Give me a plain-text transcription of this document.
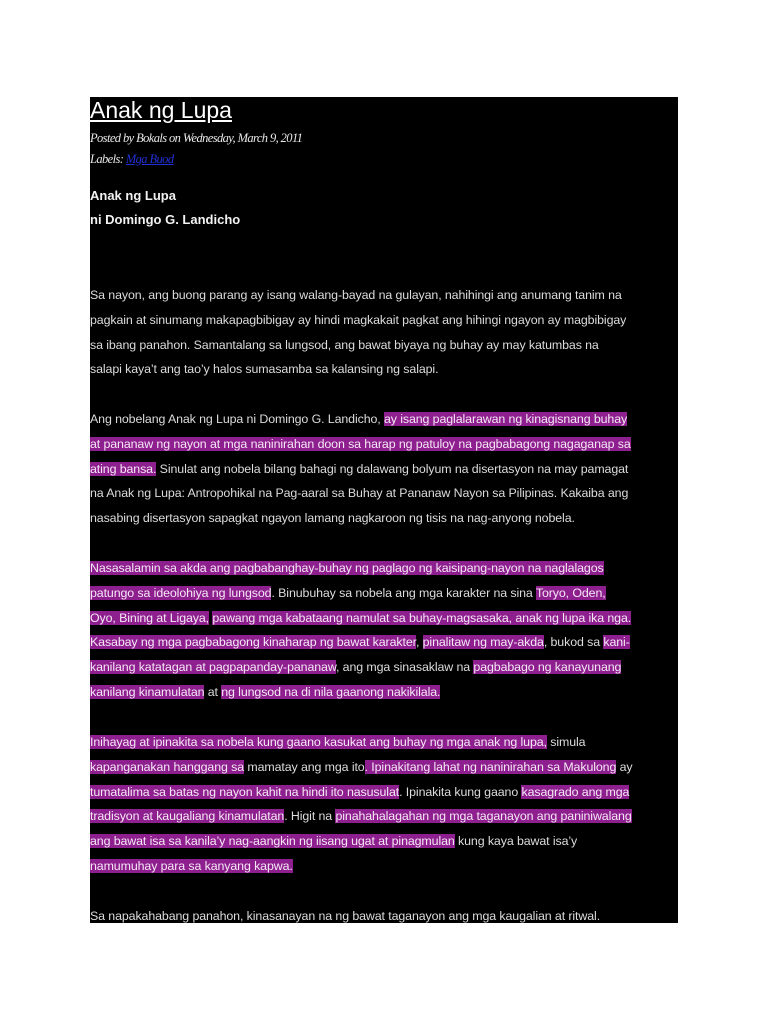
Anak ng Lupa
Posted by Bokals on Wednesday, March 9, 2011
Labels: Mga Buod
Anak ng Lupa
ni Domingo G. Landicho
Sa nayon, ang buong parang ay isang walang-bayad na gulayan, nahihingi ang anumang tanim na
pagkain at sinumang makapagbibigay ay hindi magkakait pagkat ang hihingi ngayon ay magbibigay
sa ibang panahon. Samantalang sa lungsod, ang bawat biyaya ng buhay ay may katumbas na
salapi kaya’t ang tao’y halos sumasamba sa kalansing ng salapi.
Ang nobelang Anak ng Lupa ni Domingo G. Landicho, ay isang paglalarawan ng kinagisnang buhay
at pananaw ng nayon at mga naninirahan doon sa harap ng patuloy na pagbabagong nagaganap sa
ating bansa. Sinulat ang nobela bilang bahagi ng dalawang bolyum na disertasyon na may pamagat
na Anak ng Lupa: Antropohikal na Pag-aaral sa Buhay at Pananaw Nayon sa Pilipinas. Kakaiba ang
nasabing disertasyon sapagkat ngayon lamang nagkaroon ng tisis na nag-anyong nobela.
Nasasalamin sa akda ang pagbabanghay-buhay ng paglago ng kaisipang-nayon na naglalagos
patungo sa ideolohiya ng lungsod. Binubuhay sa nobela ang mga karakter na sina Toryo, Oden,
Oyo, Bining at Ligaya, pawang mga kabataang namulat sa buhay-magsasaka, anak ng lupa ika nga.
Kasabay ng mga pagbabagong kinaharap ng bawat karakter, pinalitaw ng may-akda, bukod sa kani-
kanilang katatagan at pagpapanday-pananaw, ang mga sinasaklaw na pagbabago ng kanayunang
kanilang kinamulatan at ng lungsod na di nila gaanong nakikilala.
Inihayag at ipinakita sa nobela kung gaano kasukat ang buhay ng mga anak ng lupa, simula
kapanganakan hanggang sa mamatay ang mga ito. Ipinakitang lahat ng naninirahan sa Makulong ay
tumatalima sa batas ng nayon kahit na hindi ito nasusulat. Ipinakita kung gaano kasagrado ang mga
tradisyon at kaugaliang kinamulatan. Higit na pinahahalagahan ng mga taganayon ang paniniwalang
ang bawat isa sa kanila’y nag-aangkin ng iisang ugat at pinagmulan kung kaya bawat isa’y
namumuhay para sa kanyang kapwa.
Sa napakahabang panahon, kinasanayan na ng bawat taganayon ang mga kaugalian at ritwal.
